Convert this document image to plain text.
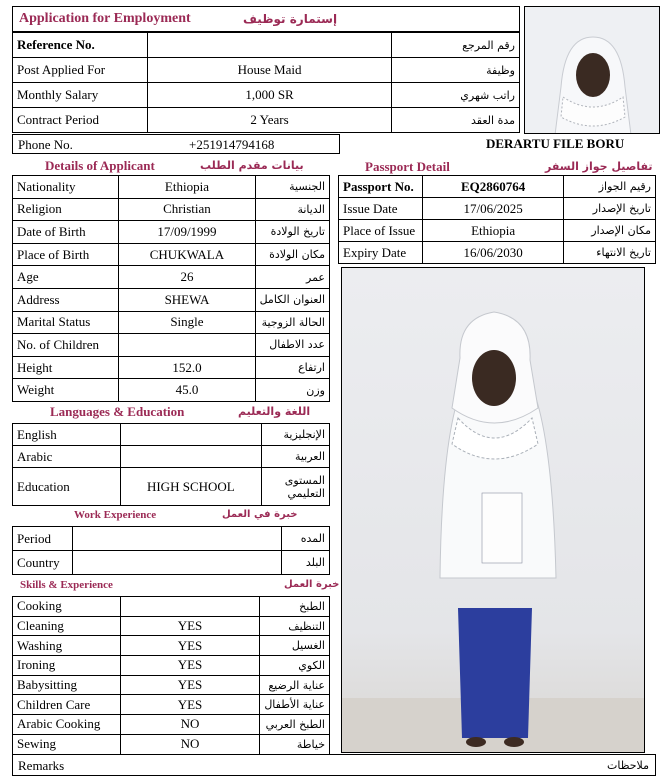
Application for Employment	إستمارة توظيف
Reference No.		رقم المرجع
Post Applied For	House Maid	وظيفة
Monthly Salary	1,000 SR	راتب شهري
Contract Period	2 Years	مدة العقد
Phone No.	+251914794168	DERARTU FILE BORU
Details of Applicant	بيانات مقدم الطلب
Nationality	Ethiopia	الجنسية
Religion	Christian	الديانة
Date of Birth	17/09/1999	تاريخ الولادة
Place of Birth	CHUKWALA	مكان الولادة
Age	26	عمر
Address	SHEWA	العنوان الكامل
Marital Status	Single	الحالة الزوجية
No. of Children		عدد الاطفال
Height	152.0	ارتفاع
Weight	45.0	وزن
Passport Detail	تفاصيل جواز السفر
Passport No.	EQ2860764	رقيم الجواز
Issue Date	17/06/2025	تاريخ الإصدار
Place of Issue	Ethiopia	مكان الإصدار
Expiry Date	16/06/2030	تاريخ الانتهاء
Languages & Education	اللغة والتعليم
English		الإنجليزية
Arabic		العربية
Education	HIGH SCHOOL	المستوى التعليمي
Work Experience	خبرة في العمل
Period		المده
Country		البلد
Skills & Experience	خبرة العمل
Cooking		الطبخ
Cleaning	YES	التنظيف
Washing	YES	الغسيل
Ironing	YES	الكوي
Babysitting	YES	عناية الرضيع
Children Care	YES	عناية الأطفال
Arabic Cooking	NO	الطبخ العربي
Sewing	NO	خياطة
Remarks	ملاحظات
